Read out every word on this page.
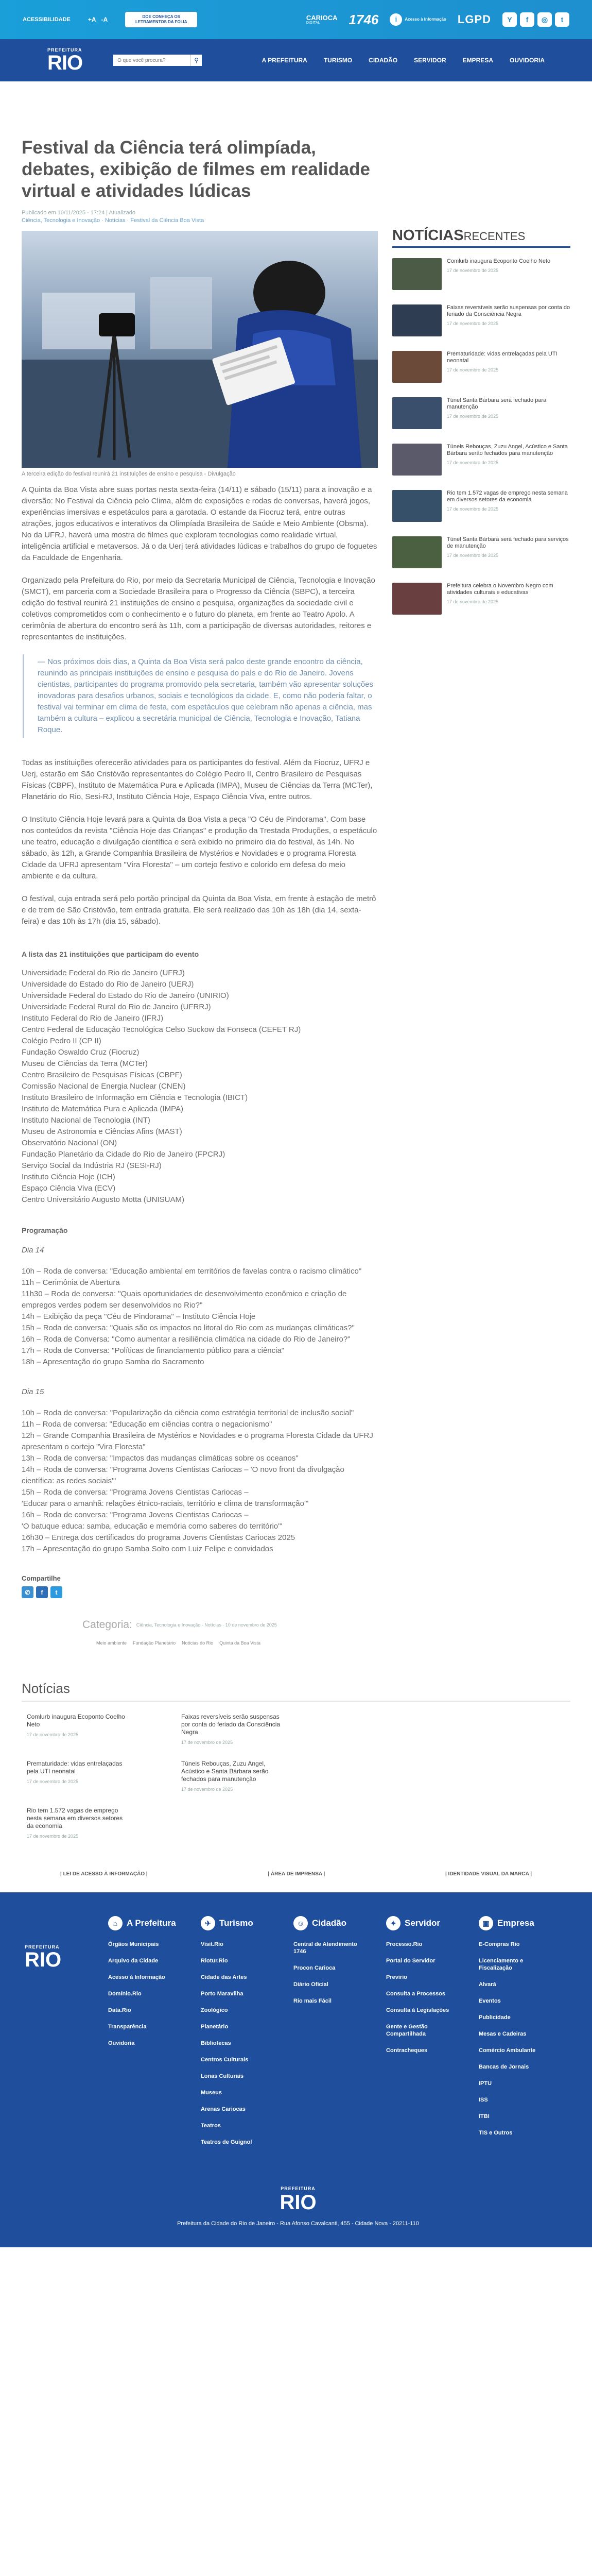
ACESSIBILIDADE	+A -A	DOE CONHEÇA OS LETRAMENTOS DA FOLIA
CARIOCA
DIGITAL	1746	i	Acesso à Informação LGPD	Y	f	◎	t
PREFEITURA
RIO
O que você procura?	⚲	A PREFEITURA	TURISMO	CIDADÃO	SERVIDOR	EMPRESA	OUVIDORIA
Festival da Ciência terá olimpíada, debates, exibição de filmes em realidade virtual e atividades lúdicas
Publicado em 10/11/2025 - 17:24 | Atualizado
Ciência, Tecnologia e Inovação · Notícias · Festival da Ciência Boa Vista
A terceira edição do festival reunirá 21 instituições de ensino e pesquisa - Divulgação

A Quinta da Boa Vista abre suas portas nesta sexta-feira (14/11) e sábado (15/11) para a inovação e a diversão: No Festival da Ciência pelo Clima, além de exposições e rodas de conversas, haverá jogos, experiências imersivas e espetáculos para a garotada. O estande da Fiocruz terá, entre outras atrações, jogos educativos e interativos da Olimpíada Brasileira de Saúde e Meio Ambiente (Obsma). No da UFRJ, haverá uma mostra de filmes que exploram tecnologias como realidade virtual, inteligência artificial e metaversos. Já o da Uerj terá atividades lúdicas e trabalhos do grupo de foguetes da Faculdade de Engenharia.

Organizado pela Prefeitura do Rio, por meio da Secretaria Municipal de Ciência, Tecnologia e Inovação (SMCT), em parceria com a Sociedade Brasileira para o Progresso da Ciência (SBPC), a terceira edição do festival reunirá 21 instituições de ensino e pesquisa, organizações da sociedade civil e coletivos comprometidos com o conhecimento e o futuro do planeta, em frente ao Teatro Apolo. A cerimônia de abertura do encontro será às 11h, com a participação de diversas autoridades, reitores e representantes de instituições.

— Nos próximos dois dias, a Quinta da Boa Vista será palco deste grande encontro da ciência, reunindo as principais instituições de ensino e pesquisa do país e do Rio de Janeiro. Jovens cientistas, participantes do programa promovido pela secretaria, também vão apresentar soluções inovadoras para desafios urbanos, sociais e tecnológicos da cidade. E, como não poderia faltar, o festival vai terminar em clima de festa, com espetáculos que celebram não apenas a ciência, mas também a cultura – explicou a secretária municipal de Ciência, Tecnologia e Inovação, Tatiana Roque.

Todas as instituições oferecerão atividades para os participantes do festival. Além da Fiocruz, UFRJ e Uerj, estarão em São Cristóvão representantes do Colégio Pedro II, Centro Brasileiro de Pesquisas Físicas (CBPF), Instituto de Matemática Pura e Aplicada (IMPA), Museu de Ciências da Terra (MCTer), Planetário do Rio, Sesi-RJ, Instituto Ciência Hoje, Espaço Ciência Viva, entre outros.

O Instituto Ciência Hoje levará para a Quinta da Boa Vista a peça "O Céu de Pindorama". Com base nos conteúdos da revista "Ciência Hoje das Crianças" e produção da Trestada Produções, o espetáculo une teatro, educação e divulgação científica e será exibido no primeiro dia do festival, às 14h. No sábado, às 12h, a Grande Companhia Brasileira de Mystérios e Novidades e o programa Floresta Cidade da UFRJ apresentam "Vira Floresta" – um cortejo festivo e colorido em defesa do meio ambiente e da cultura.

O festival, cuja entrada será pelo portão principal da Quinta da Boa Vista, em frente à estação de metrô e de trem de São Cristóvão, tem entrada gratuita. Ele será realizado das 10h às 18h (dia 14, sexta-feira) e das 10h às 17h (dia 15, sábado).

A lista das 21 instituições que participam do evento
Universidade Federal do Rio de Janeiro (UFRJ)
Universidade do Estado do Rio de Janeiro (UERJ)
Universidade Federal do Estado do Rio de Janeiro (UNIRIO)
Universidade Federal Rural do Rio de Janeiro (UFRRJ)
Instituto Federal do Rio de Janeiro (IFRJ)
Centro Federal de Educação Tecnológica Celso Suckow da Fonseca (CEFET RJ)
Colégio Pedro II (CP II)
Fundação Oswaldo Cruz (Fiocruz)
Museu de Ciências da Terra (MCTer)
Centro Brasileiro de Pesquisas Físicas (CBPF)
Comissão Nacional de Energia Nuclear (CNEN)
Instituto Brasileiro de Informação em Ciência e Tecnologia (IBICT)
Instituto de Matemática Pura e Aplicada (IMPA)
Instituto Nacional de Tecnologia (INT)
Museu de Astronomia e Ciências Afins (MAST)
Observatório Nacional (ON)
Fundação Planetário da Cidade do Rio de Janeiro (FPCRJ)
Serviço Social da Indústria RJ (SESI-RJ)
Instituto Ciência Hoje (ICH)
Espaço Ciência Viva (ECV)
Centro Universitário Augusto Motta (UNISUAM)
Programação
Dia 14
10h – Roda de conversa: "Educação ambiental em territórios de favelas contra o racismo climático"
11h – Cerimônia de Abertura
11h30 – Roda de conversa: "Quais oportunidades de desenvolvimento econômico e criação de empregos verdes podem ser desenvolvidos no Rio?"
14h – Exibição da peça "Céu de Pindorama" – Instituto Ciência Hoje
15h – Roda de conversa: "Quais são os impactos no litoral do Rio com as mudanças climáticas?"
16h – Roda de Conversa: "Como aumentar a resiliência climática na cidade do Rio de Janeiro?"
17h – Roda de Conversa: "Políticas de financiamento público para a ciência"
18h – Apresentação do grupo Samba do Sacramento
Dia 15
10h – Roda de conversa: "Popularização da ciência como estratégia territorial de inclusão social"
11h – Roda de conversa: "Educação em ciências contra o negacionismo"
12h – Grande Companhia Brasileira de Mystérios e Novidades e o programa Floresta Cidade da UFRJ apresentam o cortejo "Vira Floresta"
13h – Roda de conversa: "Impactos das mudanças climáticas sobre os oceanos"
14h – Roda de conversa: "Programa Jovens Cientistas Cariocas – 'O novo front da divulgação científica: as redes sociais'"
15h – Roda de conversa: "Programa Jovens Cientistas Cariocas –
'Educar para o amanhã: relações étnico-raciais, território e clima de transformação'"
16h – Roda de conversa: "Programa Jovens Cientistas Cariocas –
'O batuque educa: samba, educação e memória como saberes do território'"
16h30 – Entrega dos certificados do programa Jovens Cientistas Cariocas 2025
17h – Apresentação do grupo Samba Solto com Luiz Felipe e convidados
Compartilhe
✆	f	t
Categoria: Ciência, Tecnologia e Inovação · Notícias · 10 de novembro de 2025
Meio ambiente Fundação Planetário Notícias do Rio Quinta da Boa Vista
NOTÍCIASRECENTES
Comlurb inaugura Ecoponto Coelho Neto
17 de novembro de 2025
Faixas reversíveis serão suspensas por conta do feriado da Consciência Negra
17 de novembro de 2025
Prematuridade: vidas entrelaçadas pela UTI neonatal
17 de novembro de 2025
Túnel Santa Bárbara será fechado para manutenção
17 de novembro de 2025
Túneis Rebouças, Zuzu Angel, Acústico e Santa Bárbara serão fechados para manutenção
17 de novembro de 2025
Rio tem 1.572 vagas de emprego nesta semana em diversos setores da economia
17 de novembro de 2025
Túnel Santa Bárbara será fechado para serviços de manutenção
17 de novembro de 2025
Prefeitura celebra o Novembro Negro com atividades culturais e educativas
17 de novembro de 2025
Notícias
Comlurb inaugura Ecoponto Coelho Neto
17 de novembro de 2025
Faixas reversíveis serão suspensas por conta do feriado da Consciência Negra
17 de novembro de 2025
Prematuridade: vidas entrelaçadas pela UTI neonatal
17 de novembro de 2025
Túneis Rebouças, Zuzu Angel, Acústico e Santa Bárbara serão fechados para manutenção
17 de novembro de 2025
Rio tem 1.572 vagas de emprego nesta semana em diversos setores da economia
17 de novembro de 2025
| LEI DE ACESSO À INFORMAÇÃO |	| ÁREA DE IMPRENSA |	| IDENTIDADE VISUAL DA MARCA |
PREFEITURA
RIO
⌂	A Prefeitura
Órgãos Municipais
Arquivo da Cidade
Acesso à Informação
Domínio.Rio
Data.Rio
Transparência
Ouvidoria
✈ Turismo
Visit.Rio
Riotur.Rio
Cidade das Artes
Porto Maravilha
Zoológico
Planetário
Bibliotecas
Centros Culturais
Lonas Culturais
Museus
Arenas Cariocas
Teatros
Teatros de Guignol
☺ Cidadão
Central de Atendimento 1746
Procon Carioca
Diário Oficial
Rio mais Fácil
✦ Servidor
Processo.Rio
Portal do Servidor
Previrio
Consulta a Processos
Consulta à Legislações
Gente e Gestão Compartilhada
Contracheques
▣ Empresa
E-Compras Rio
Licenciamento e Fiscalização
Alvará
Eventos
Publicidade
Mesas e Cadeiras
Comércio Ambulante
Bancas de Jornais
IPTU
ISS
ITBI
TIS e Outros
PREFEITURA
RIO
Prefeitura da Cidade do Rio de Janeiro - Rua Afonso Cavalcanti, 455 - Cidade Nova - 20211-110
